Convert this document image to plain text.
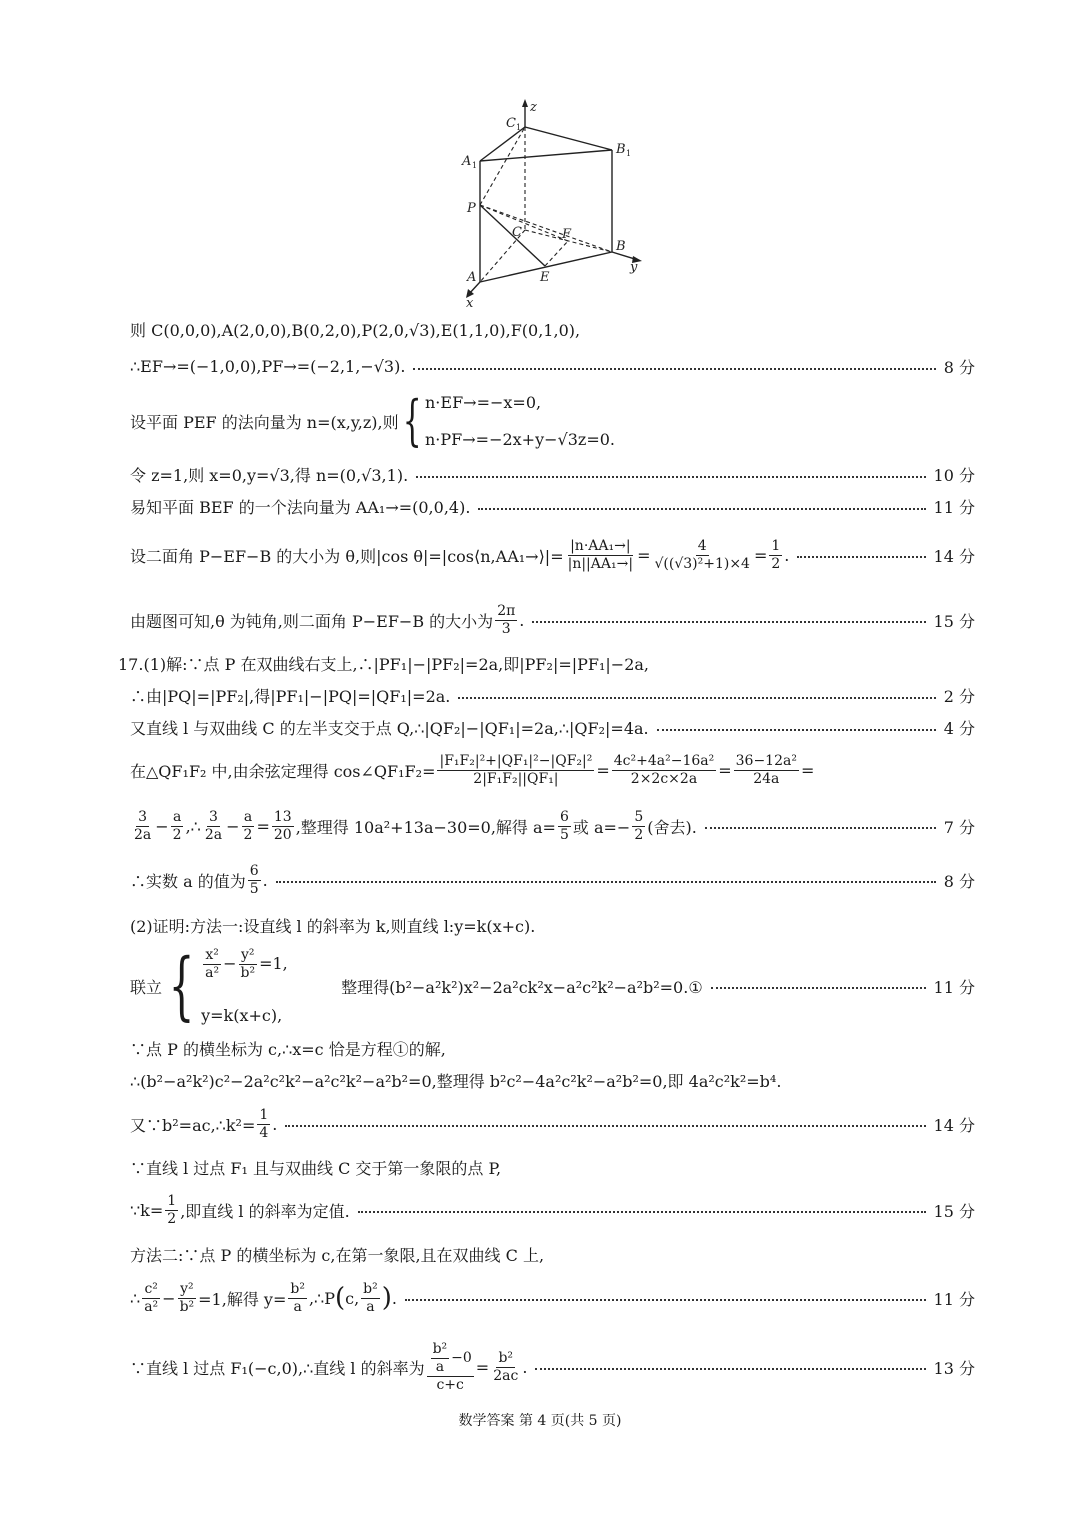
z
y
x
C 1
B 1
A 1
P
C	F
B
A	E
则 C(0,0,0),A(2,0,0),B(0,2,0),P(2,0,√3),E(1,1,0),F(0,1,0),
∴EF→=(−1,0,0),PF→=(−2,1,−√3).	8 分
设平面 PEF 的法向量为 n=(x,y,z),则 { n·EF→=−x=0,
n·PF→=−2x+y−√3z=0.
令 z=1,则 x=0,y=√3,得 n=(0,√3,1).	10 分
易知平面 BEF 的一个法向量为 AA₁→=(0,0,4).	11 分
设二面角 P−EF−B 的大小为 θ,则|cos θ|=|cos⟨n,AA₁→⟩|= $\frac{\text{|n·AA₁→|}}{\text{|n||AA₁→|}} = \frac{4}{\text{√((√3)²+1)×4}} = \frac{1}{2}$ .	14 分
由题图可知,θ 为钝角,则二面角 P−EF−B 的大小为 $\frac{2\pi}{3}$ .	15 分
17.(1)解:∵点 P 在双曲线右支上,∴|PF₁|−|PF₂|=2a,即|PF₂|=|PF₁|−2a,
∴由|PQ|=|PF₂|,得|PF₁|−|PQ|=|QF₁|=2a.	2 分
又直线 l 与双曲线 C 的左半支交于点 Q,∴|QF₂|−|QF₁|=2a,∴|QF₂|=4a.	4 分
在△QF₁F₂ 中,由余弦定理得 cos∠QF₁F₂= $\frac{\text{|F₁F₂|²+|QF₁|²−|QF₂|²}}{\text{2|F₁F₂||QF₁|}} = \frac{\text{4c²+4a²−16a²}}{2\times 2c\times 2a} = \frac{\text{36−12a²}}{24a}$ =
$\frac{3}{2a} - \frac{a}{2}$ ,∴ $\frac{3}{2a} - \frac{a}{2} = \frac{13}{20}$ ,整理得 10a²+13a−30=0,解得 $a= \frac{6}{5}$ 或 $a=- \frac{5}{2}$ (舍去).	7 分
∴实数 a 的值为 $\frac{6}{5}$ .	8 分
(2)证明:方法一:设直线 l 的斜率为 k,则直线 l:y=k(x+c).
联立 { $\frac{\text{x²}}{\text{a²}} - \frac{\text{y²}}{\text{b²}} =1$,
y=k(x+c),
整理得(b²−a²k²)x²−2a²ck²x−a²c²k²−a²b²=0.①	11 分
∵点 P 的横坐标为 c,∴x=c 恰是方程①的解,
∴(b²−a²k²)c²−2a²c²k²−a²c²k²−a²b²=0,整理得 b²c²−4a²c²k²−a²b²=0,即 4a²c²k²=b⁴.
又∵b²=ac,∴k²= $\frac{1}{4}$ .	14 分
∵直线 l 过点 F₁ 且与双曲线 C 交于第一象限的点 P,
∵k= $\frac{1}{2}$ ,即直线 l 的斜率为定值.	15 分
方法二:∵点 P 的横坐标为 c,在第一象限,且在双曲线 C 上,
∴ $\frac{\text{c²}}{\text{a²}} - \frac{\text{y²}}{\text{b²}} =1$,解得 $y= \frac{\text{b²}}{a}$ ,∴P ( c, $\frac{\text{b²}}{a}$ ) .	11 分
∵直线 l 过点 F₁(−c,0),∴直线 l 的斜率为 $\frac{\frac{\text{b²}}{a} -0}{c+c} = \frac{\text{b²}}{2ac}$ .	13 分
数学答案 第 4 页(共 5 页)
